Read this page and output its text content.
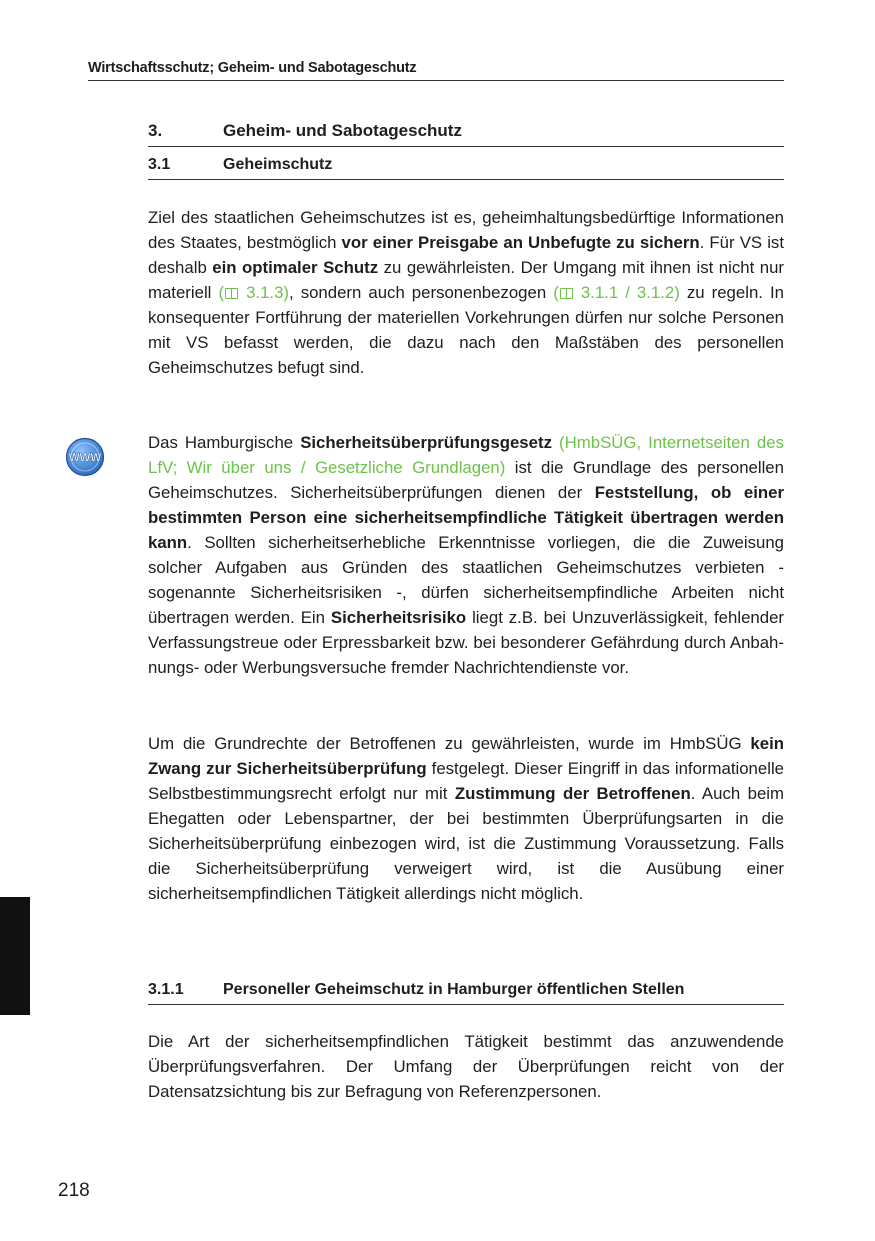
Wirtschaftsschutz; Geheim- und Sabotageschutz
3.	Geheim- und Sabotageschutz
3.1	Geheimschutz

Ziel des staatlichen Geheimschutzes ist es, geheimhaltungsbedürftige Informationen des Staates, bestmöglich vor einer Preisgabe an Unbefugte zu sichern. Für VS ist deshalb ein optimaler Schutz zu gewährleisten. Der Umgang mit ihnen ist nicht nur materiell ( 3.1.3), sondern auch personenbezogen ( 3.1.1 / 3.1.2) zu regeln. In konsequenter Fortführung der materiellen Vorkehrungen dürfen nur solche Personen mit VS befasst werden, die dazu nach den Maßstäben des personellen Geheimschutzes befugt sind.

WWW

Das Hamburgische Sicherheitsüberprüfungsgesetz (HmbSÜG, Internetseiten des LfV; Wir über uns / Gesetzliche Grundlagen) ist die Grundlage des personellen Geheimschutzes. Sicherheitsüberprüfungen dienen der Feststellung, ob einer bestimmten Person eine sicherheitsempfindliche Tätigkeit übertragen werden kann. Sollten sicherheitserhebliche Erkenntnisse vorliegen, die die Zuweisung solcher Aufgaben aus Gründen des staatlichen Geheimschutzes verbieten - sogenannte Sicherheitsrisiken -, dürfen sicherheitsempfindliche Arbeiten nicht übertragen werden. Ein Sicherheitsrisiko liegt z.B. bei Unzuverlässigkeit, fehlender Verfassungstreue oder Erpressbarkeit bzw. bei besonderer Gefährdung durch Anbahnungs- oder Werbungsversuche fremder Nachrichtendienste vor.

Um die Grundrechte der Betroffenen zu gewährleisten, wurde im HmbSÜG kein Zwang zur Sicherheitsüberprüfung festgelegt. Dieser Eingriff in das informationelle Selbstbestimmungsrecht erfolgt nur mit Zustimmung der Betroffenen. Auch beim Ehegatten oder Lebenspartner, der bei bestimmten Überprüfungsarten in die Sicherheitsüberprüfung einbezogen wird, ist die Zustimmung Voraussetzung. Falls die Sicherheitsüberprüfung verweigert wird, ist die Ausübung einer sicherheitsempfindlichen Tätigkeit allerdings nicht möglich.

3.1.1	Personeller Geheimschutz in Hamburger öffentlichen Stellen

Die Art der sicherheitsempfindlichen Tätigkeit bestimmt das anzuwendende Überprüfungsverfahren. Der Umfang der Überprüfungen reicht von der Datensatzsichtung bis zur Befragung von Referenzpersonen.

218
